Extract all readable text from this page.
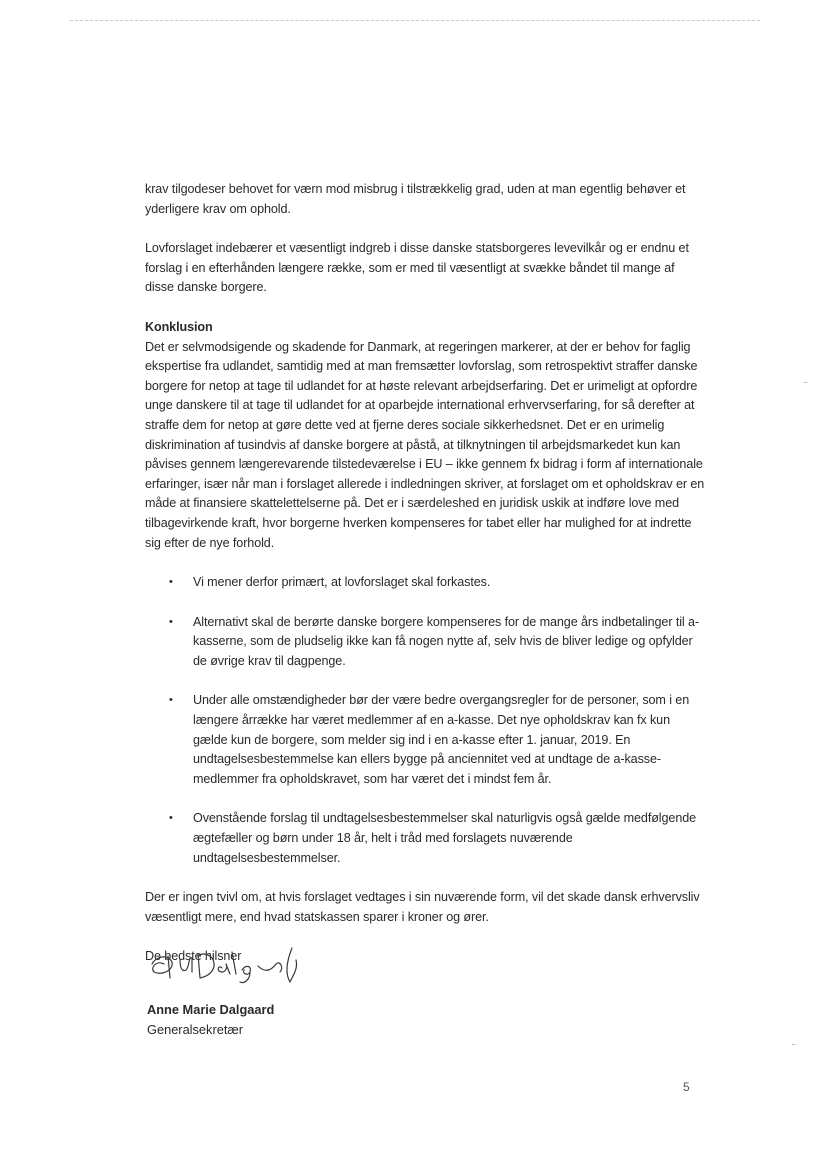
krav tilgodeser behovet for værn mod misbrug i tilstrækkelig grad, uden at man egentlig behøver et yderligere krav om ophold.

Lovforslaget indebærer et væsentligt indgreb i disse danske statsborgeres levevilkår og er endnu et forslag i en efterhånden længere række, som er med til væsentligt at svække båndet til mange af disse danske borgere.

Konklusion

Det er selvmodsigende og skadende for Danmark, at regeringen markerer, at der er behov for faglig ekspertise fra udlandet, samtidig med at man fremsætter lovforslag, som retrospektivt straffer danske borgere for netop at tage til udlandet for at høste relevant arbejdserfaring. Det er urimeligt at opfordre unge danskere til at tage til udlandet for at oparbejde international erhvervserfaring, for så derefter at straffe dem for netop at gøre dette ved at fjerne deres sociale sikkerhedsnet. Det er en urimelig diskrimination af tusindvis af danske borgere at påstå, at tilknytningen til arbejdsmarkedet kun kan påvises gennem længerevarende tilstedeværelse i EU – ikke gennem fx bidrag i form af internationale erfaringer, især når man i forslaget allerede i indledningen skriver, at forslaget om et opholdskrav er en måde at finansiere skattelettelserne på. Det er i særdeleshed en juridisk uskik at indføre love med tilbagevirkende kraft, hvor borgerne hverken kompenseres for tabet eller har mulighed for at indrette sig efter de nye forhold.

• Vi mener derfor primært, at lovforslaget skal forkastes.
• Alternativt skal de berørte danske borgere kompenseres for de mange års indbetalinger til a-kasserne, som de pludselig ikke kan få nogen nytte af, selv hvis de bliver ledige og opfylder de øvrige krav til dagpenge.
• Under alle omstændigheder bør der være bedre overgangsregler for de personer, som i en længere årrække har været medlemmer af en a-kasse. Det nye opholdskrav kan fx kun gælde kun de borgere, som melder sig ind i en a-kasse efter 1. januar, 2019. En undtagelsesbestemmelse kan ellers bygge på anciennitet ved at undtage de a-kasse-medlemmer fra opholdskravet, som har været det i mindst fem år.
• Ovenstående forslag til undtagelsesbestemmelser skal naturligvis også gælde medfølgende ægtefæller og børn under 18 år, helt i tråd med forslagets nuværende undtagelsesbestemmelser.

Der er ingen tvivl om, at hvis forslaget vedtages i sin nuværende form, vil det skade dansk erhvervsliv væsentligt mere, end hvad statskassen sparer i kroner og ører.

De bedste hilsner

Anne Marie Dalgaard
Generalsekretær
5
